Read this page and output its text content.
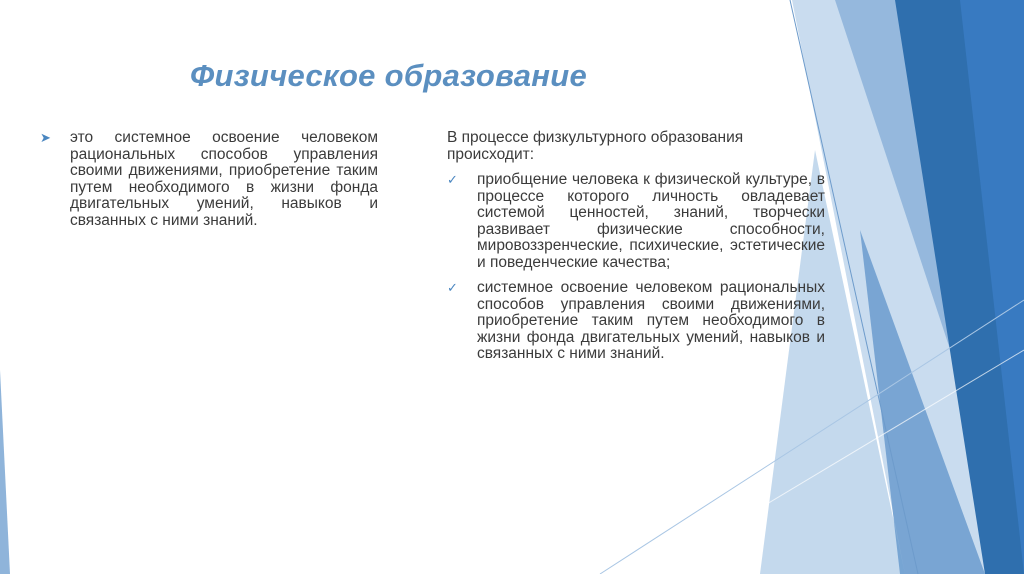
Физическое образование
➤ это системное освоение человеком рациональных способов управления своими движениями, приобретение таким путем необходимого в жизни фонда двигательных умений, навыков и связанных с ними знаний.
В процессе физкультурного образования происходит:
✓ приобщение человека к физической культуре, в процессе которого личность овладевает системой ценностей, знаний, творчески развивает физические способности, мировоззренческие, психические, эстетические и поведенческие качества;
✓ системное освоение человеком рациональных способов управления своими движениями, приобретение таким путем необходимого в жизни фонда двигательных умений, навыков и связанных с ними знаний.
